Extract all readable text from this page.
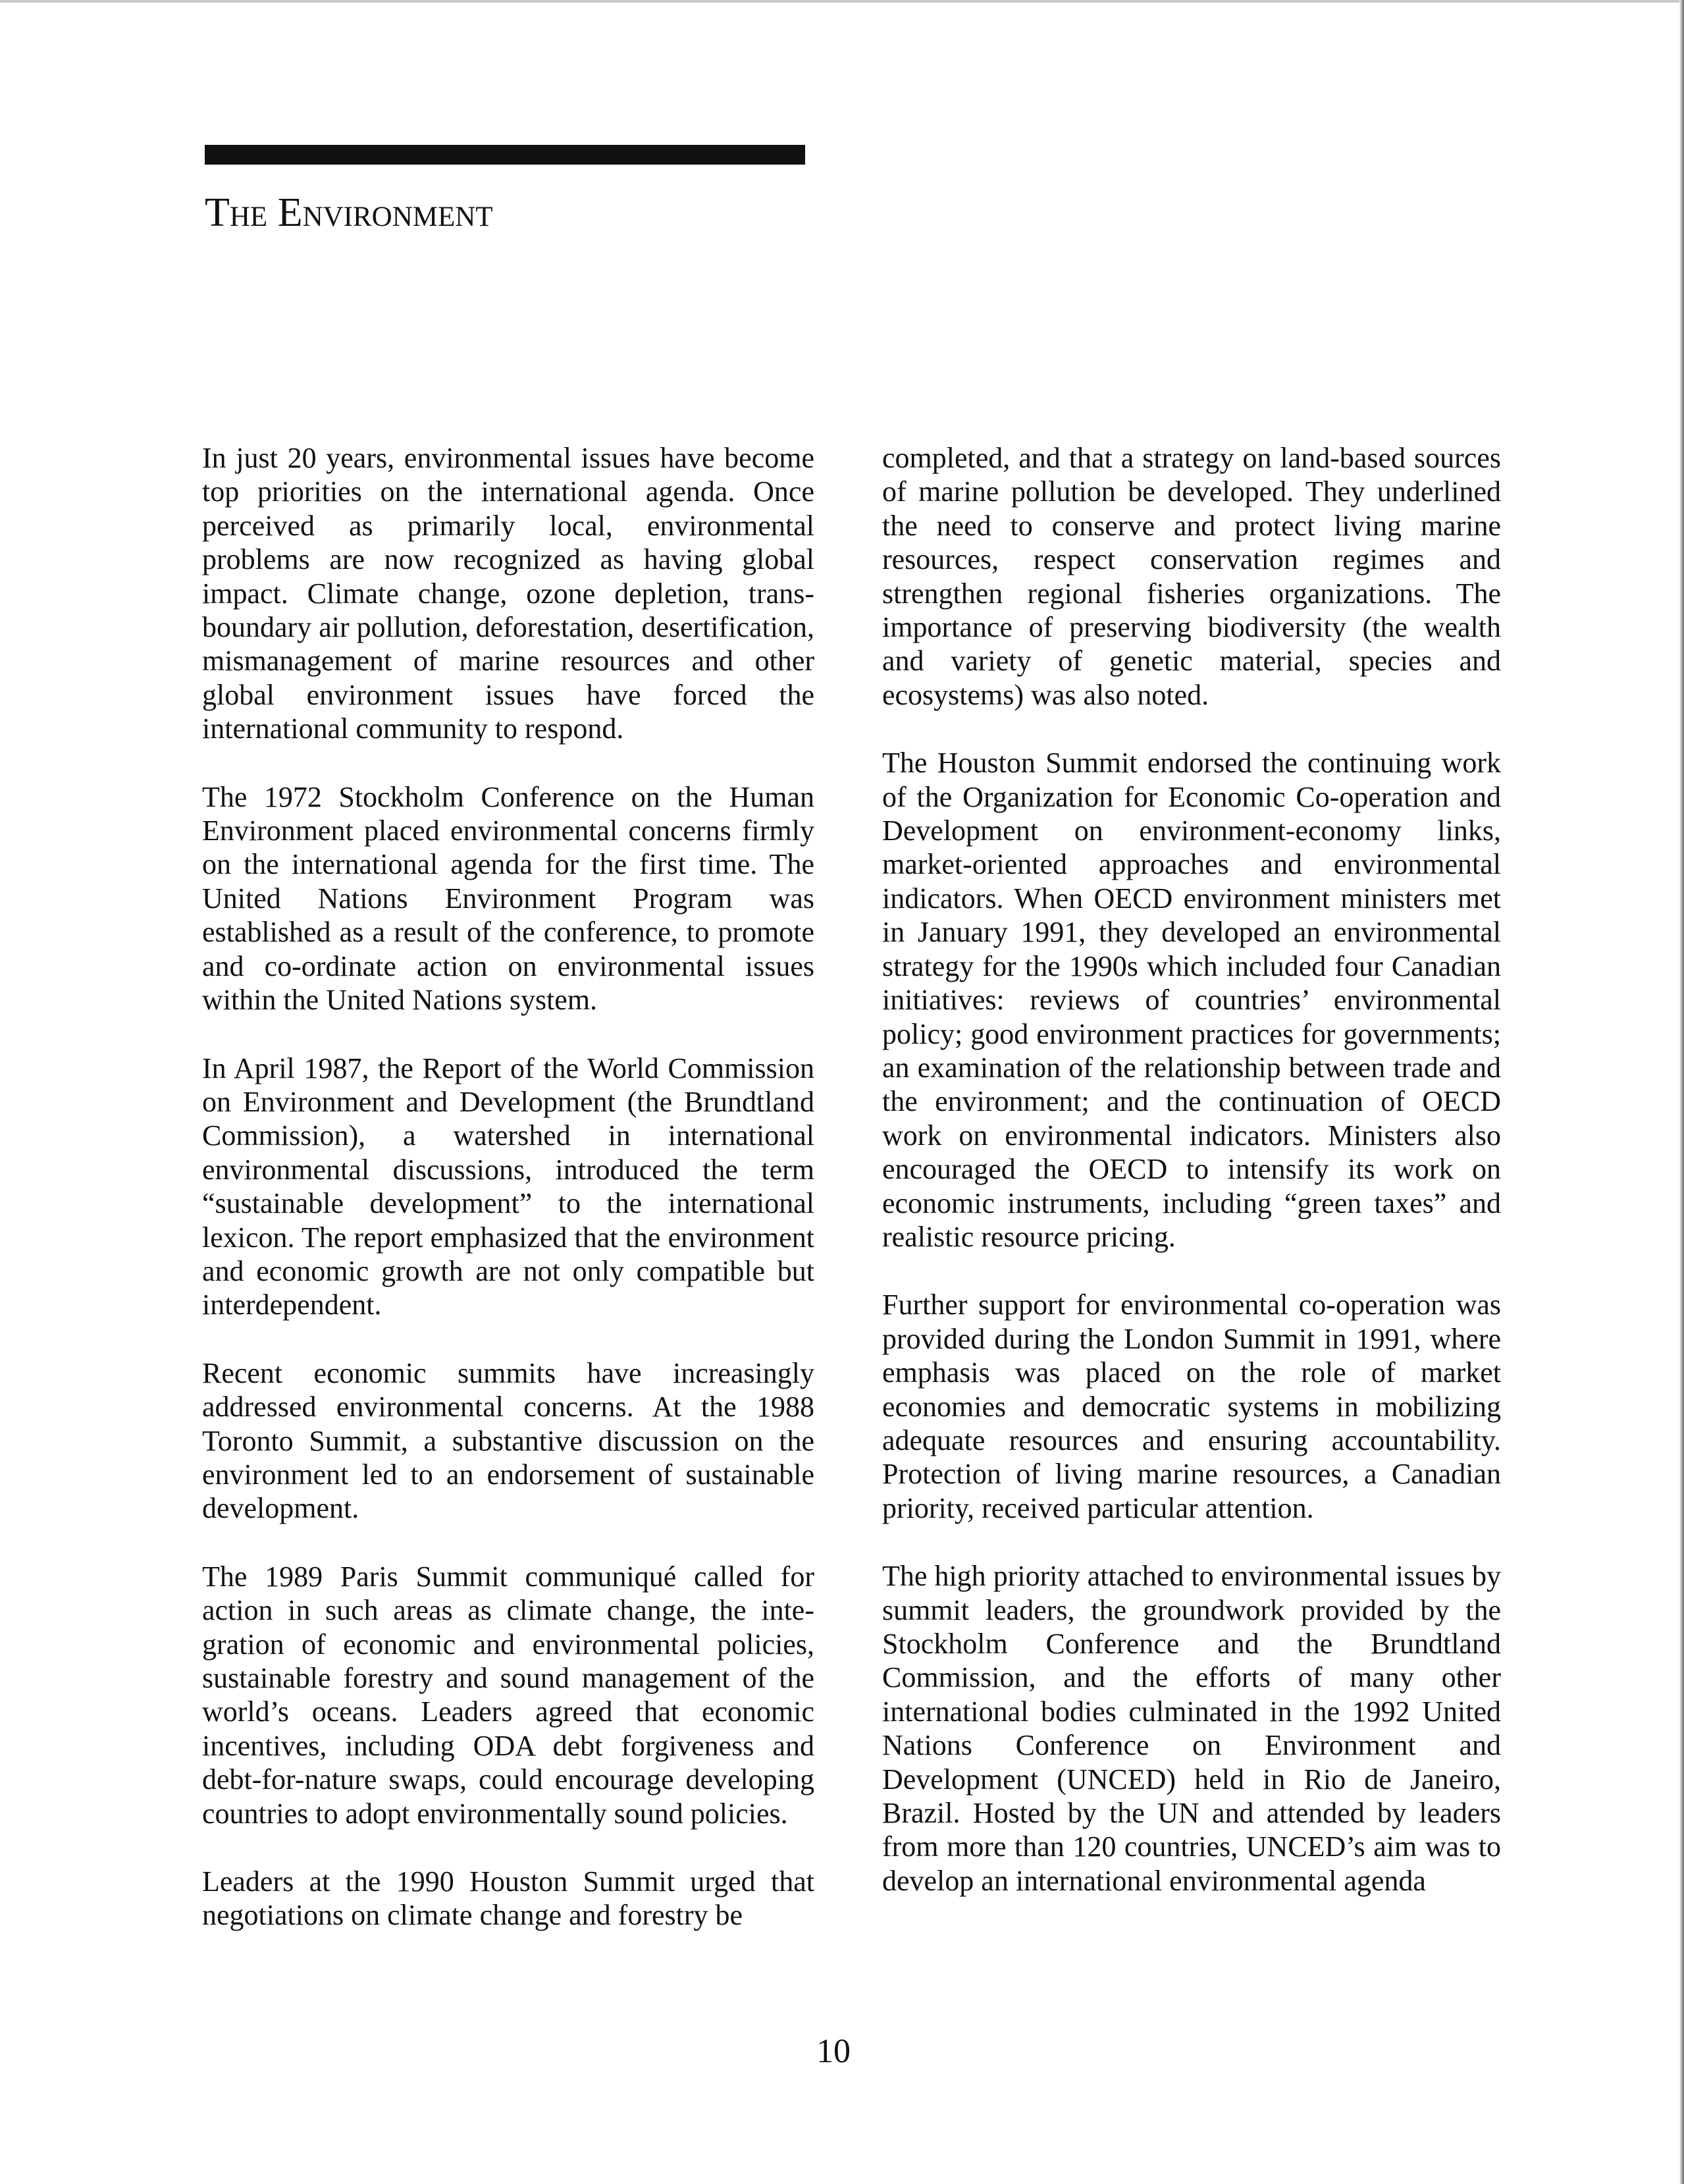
The Environment

In just 20 years, environmental issues have become top priorities on the international agenda. Once perceived as primarily local, environmental problems are now recognized as having global impact. Climate change, ozone depletion, transboundary air pollution, deforestation, desertification, mismanagement of marine resources and other global environment issues have forced the international community to respond.

The 1972 Stockholm Conference on the Human Environment placed environmental concerns firmly on the international agenda for the first time. The United Nations Environment Program was established as a result of the conference, to promote and co-ordinate action on environmental issues within the United Nations system.

In April 1987, the Report of the World Commission on Environment and Development (the Brundtland Commission), a watershed in international environmental discussions, introduced the term “sustainable development” to the international lexicon. The report emphasized that the environment and economic growth are not only compatible but interdependent.

Recent economic summits have increasingly addressed environmental concerns. At the 1988 Toronto Summit, a substantive discussion on the environment led to an endorsement of sustainable development.

The 1989 Paris Summit communiqué called for action in such areas as climate change, the integration of economic and environmental policies, sustainable forestry and sound management of the world’s oceans. Leaders agreed that economic incentives, including ODA debt forgiveness and debt-for-nature swaps, could encourage developing countries to adopt environmentally sound policies.

Leaders at the 1990 Houston Summit urged that negotiations on climate change and forestry be

completed, and that a strategy on land-based sources of marine pollution be developed. They underlined the need to conserve and protect living marine resources, respect conservation regimes and strengthen regional fisheries organizations. The importance of preserving biodiversity (the wealth and variety of genetic material, species and ecosystems) was also noted.

The Houston Summit endorsed the continuing work of the Organization for Economic Co-operation and Development on environment-economy links, market-oriented approaches and environmental indicators. When OECD environment ministers met in January 1991, they developed an environmental strategy for the 1990s which included four Canadian initiatives: reviews of countries’ environmental policy; good environment practices for governments; an examination of the relationship between trade and the environment; and the continuation of OECD work on environmental indicators. Ministers also encouraged the OECD to intensify its work on economic instruments, including “green taxes” and realistic resource pricing.

Further support for environmental co-operation was provided during the London Summit in 1991, where emphasis was placed on the role of market economies and democratic systems in mobilizing adequate resources and ensuring accountability. Protection of living marine resources, a Canadian priority, received particular attention.

The high priority attached to environmental issues by summit leaders, the groundwork provided by the Stockholm Conference and the Brundtland Commission, and the efforts of many other international bodies culminated in the 1992 United Nations Conference on Environment and Development (UNCED) held in Rio de Janeiro, Brazil. Hosted by the UN and attended by leaders from more than 120 countries, UNCED’s aim was to develop an international environmental agenda

10
